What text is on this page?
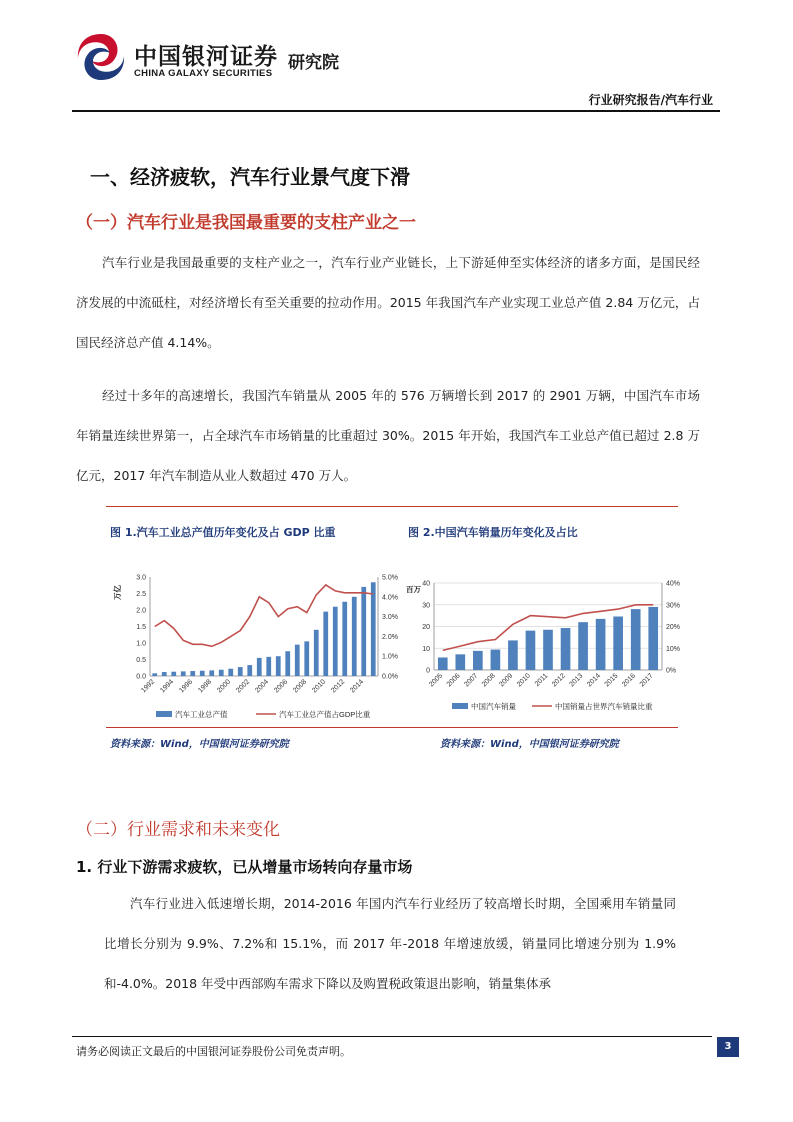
中国银河证券
CHINA GALAXY SECURITIES
研究院
行业研究报告/汽车行业
一、经济疲软，汽车行业景气度下滑
（一）汽车行业是我国最重要的支柱产业之一

汽车行业是我国最重要的支柱产业之一，汽车行业产业链长，上下游延伸至实体经济的诸多方面，是国民经济发展的中流砥柱，对经济增长有至关重要的拉动作用。2015 年我国汽车产业实现工业总产值 2.84 万亿元，占国民经济总产值 4.14%。

经过十多年的高速增长，我国汽车销量从 2005 年的 576 万辆增长到 2017 的 2901 万辆，中国汽车市场年销量连续世界第一，占全球汽车市场销量的比重超过 30%。2015 年开始，我国汽车工业总产值已超过 2.8 万亿元，2017 年汽车制造从业人数超过 470 万人。

图 1.汽车工业总产值历年变化及占 GDP 比重	图 2.中国汽车销量历年变化及占比
0.0
0.5
1.0
1.5
2.0
2.5
3.0
0.0%
1.0%
2.0%
3.0%
4.0%
5.0%
万亿
1992 1994 1996 1998 2000 2002 2004 2006 2008 2010 2012 2014
汽车工业总产值	汽车工业总产值占GDP比重
0
10
20
30
40
0%
10%
20%
30%
40%
百万
2005 2006 2007 2008 2009 2010 2011 2012 2013 2014 2015 2016 2017
中国汽车销量	中国销量占世界汽车销量比重
资料来源：Wind，中国银河证券研究院	资料来源：Wind，中国银河证券研究院
（二）行业需求和未来变化
1. 行业下游需求疲软，已从增量市场转向存量市场

汽车行业进入低速增长期，2014-2016 年国内汽车行业经历了较高增长时期，全国乘用车销量同比增长分别为 9.9%、7.2%和 15.1%，而 2017 年-2018 年增速放缓，销量同比增速分别为 1.9%和-4.0%。2018 年受中西部购车需求下降以及购置税政策退出影响，销量集体承

请务必阅读正文最后的中国银河证券股份公司免责声明。	3
